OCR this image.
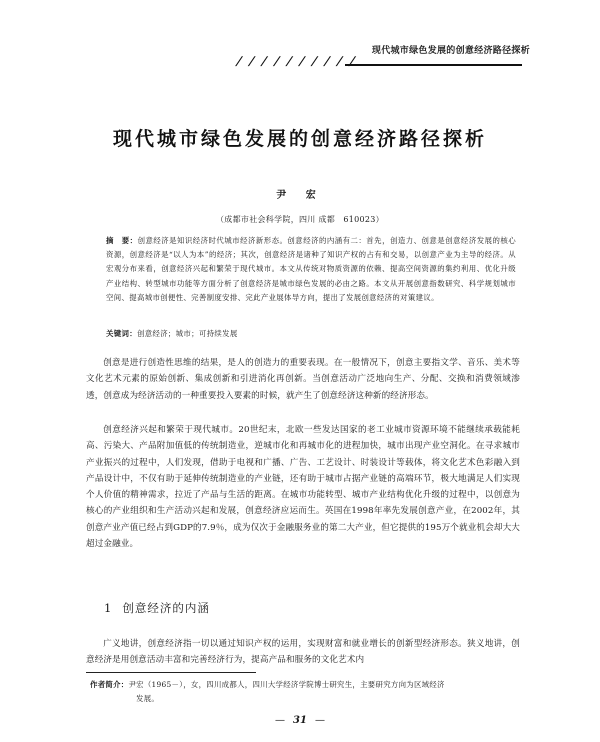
现代城市绿色发展的创意经济路径探析
/ / / / / / / / / /
现代城市绿色发展的创意经济路径探析
尹 宏
（成都市社会科学院，四川 成都　610023）
摘　要：创意经济是知识经济时代城市经济新形态。创意经济的内涵有二：首先，创造力、创意是创意经济发展的核心资源，创意经济是“以人为本”的经济；其次，创意经济是诸种了知识产权的占有和交易，以创意产业为主导的经济。从宏观分布来看，创意经济兴起和繁荣于现代城市。本文从传统对物质资源的依赖、提高空间资源的集约利用、优化升级产业结构、转型城市功能等方面分析了创意经济是城市绿色发展的必由之路。本文从开展创意指数研究、科学规划城市空间、提高城市创便性、完善制度安排、完此产业展体导方向，提出了发展创意经济的对策建议。
关键词：创意经济；城市；可持续发展

创意是进行创造性思维的结果，是人的创造力的重要表现。在一般情况下，创意主要指文学、音乐、美术等文化艺术元素的原始创新、集成创新和引进消化再创新。当创意活动广泛地向生产、分配、交换和消费领域渗透，创意成为经济活动的一种重要投入要素的时候，就产生了创意经济这种新的经济形态。

创意经济兴起和繁荣于现代城市。20世纪末，北欧一些发达国家的老工业城市资源环境不能继续承载能耗高、污染大、产品附加值低的传统制造业，逆城市化和再城市化的进程加快，城市出现产业空洞化。在寻求城市产业振兴的过程中，人们发现，借助于电视和广播、广告、工艺设计、时装设计等载体，将文化艺术色彩融入到产品设计中，不仅有助于延伸传统制造业的产业链，还有助于城市占据产业链的高端环节，极大地满足人们实现个人价值的精神需求，拉近了产品与生活的距离。在城市功能转型、城市产业结构优化升级的过程中，以创意为核心的产业组织和生产活动兴起和发展，创意经济应运而生。英国在1998年率先发展创意产业，在2002年，其创意产业产值已经占到GDP的7.9％，成为仅次于金融服务业的第二大产业，但它提供的195万个就业机会却大大超过金融业。

1 创意经济的内涵

广义地讲，创意经济指一切以通过知识产权的运用，实现财富和就业增长的创新型经济形态。狭义地讲，创意经济是用创意活动丰富和完善经济行为，提高产品和服务的文化艺术内

作者简介：尹宏（1965－），女，四川成都人，四川大学经济学院博士研究生，主要研究方向为区域经济
发展。
— 31 —
